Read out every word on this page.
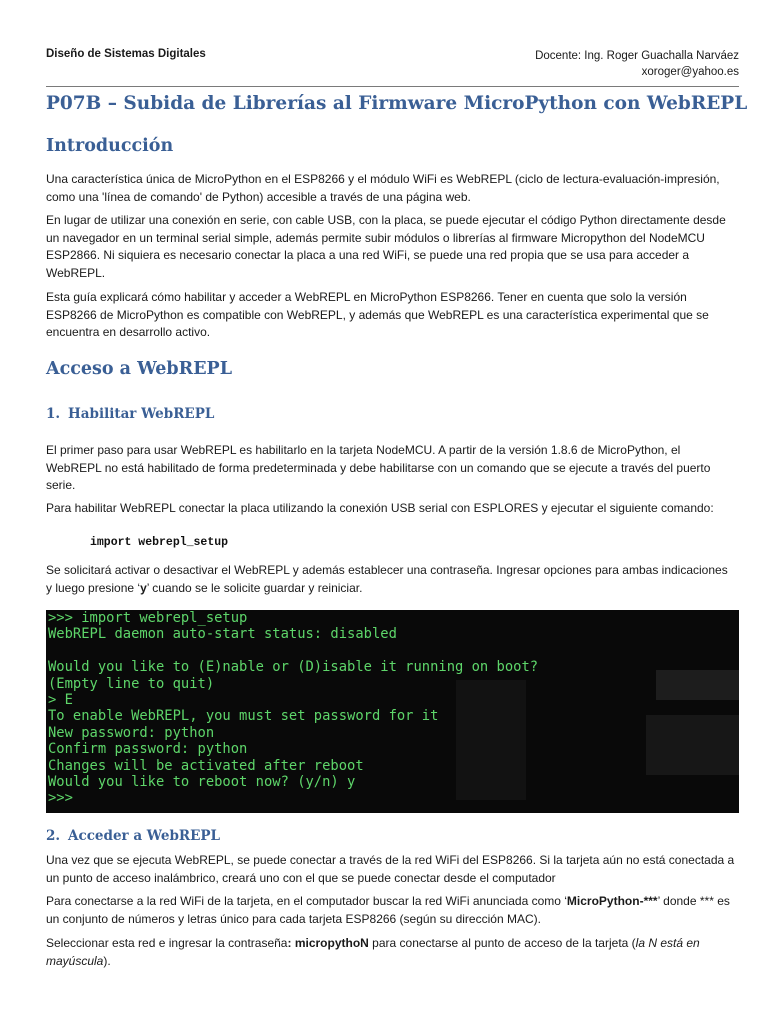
Diseño de Sistemas Digitales	Docente: Ing. Roger Guachalla Narváez
xoroger@yahoo.es
P07B – Subida de Librerías al Firmware MicroPython con WebREPL
Introducción

Una característica única de MicroPython en el ESP8266 y el módulo WiFi es WebREPL (ciclo de lectura-evaluación-impresión, como una 'línea de comando' de Python) accesible a través de una página web.

En lugar de utilizar una conexión en serie, con cable USB, con la placa, se puede ejecutar el código Python directamente desde un navegador en un terminal serial simple, además permite subir módulos o librerías al firmware Micropython del NodeMCU ESP2866. Ni siquiera es necesario conectar la placa a una red WiFi, se puede una red propia que se usa para acceder a WebREPL.

Esta guía explicará cómo habilitar y acceder a WebREPL en MicroPython ESP8266. Tener en cuenta que solo la versión ESP8266 de MicroPython es compatible con WebREPL, y además que WebREPL es una característica experimental que se encuentra en desarrollo activo.

Acceso a WebREPL
1. Habilitar WebREPL

El primer paso para usar WebREPL es habilitarlo en la tarjeta NodeMCU. A partir de la versión 1.8.6 de MicroPython, el WebREPL no está habilitado de forma predeterminada y debe habilitarse con un comando que se ejecute a través del puerto serie.

Para habilitar WebREPL conectar la placa utilizando la conexión USB serial con ESPLORES y ejecutar el siguiente comando:

import webrepl_setup

Se solicitará activar o desactivar el WebREPL y además establecer una contraseña. Ingresar opciones para ambas indicaciones y luego presione ‘y’ cuando se le solicite guardar y reiniciar.

>>> import webrepl_setup
WebREPL daemon auto-start status: disabled
Would you like to (E)nable or (D)isable it running on boot?
(Empty line to quit)
> E
To enable WebREPL, you must set password for it
New password: python
Confirm password: python
Changes will be activated after reboot
Would you like to reboot now? (y/n) y
>>>
2. Acceder a WebREPL

Una vez que se ejecuta WebREPL, se puede conectar a través de la red WiFi del ESP8266. Si la tarjeta aún no está conectada a un punto de acceso inalámbrico, creará uno con el que se puede conectar desde el computador

Para conectarse a la red WiFi de la tarjeta, en el computador buscar la red WiFi anunciada como ‘MicroPython-***’ donde *** es un conjunto de números y letras único para cada tarjeta ESP8266 (según su dirección MAC).

Seleccionar esta red e ingresar la contraseña: micropythoN para conectarse al punto de acceso de la tarjeta (la N está en mayúscula).
